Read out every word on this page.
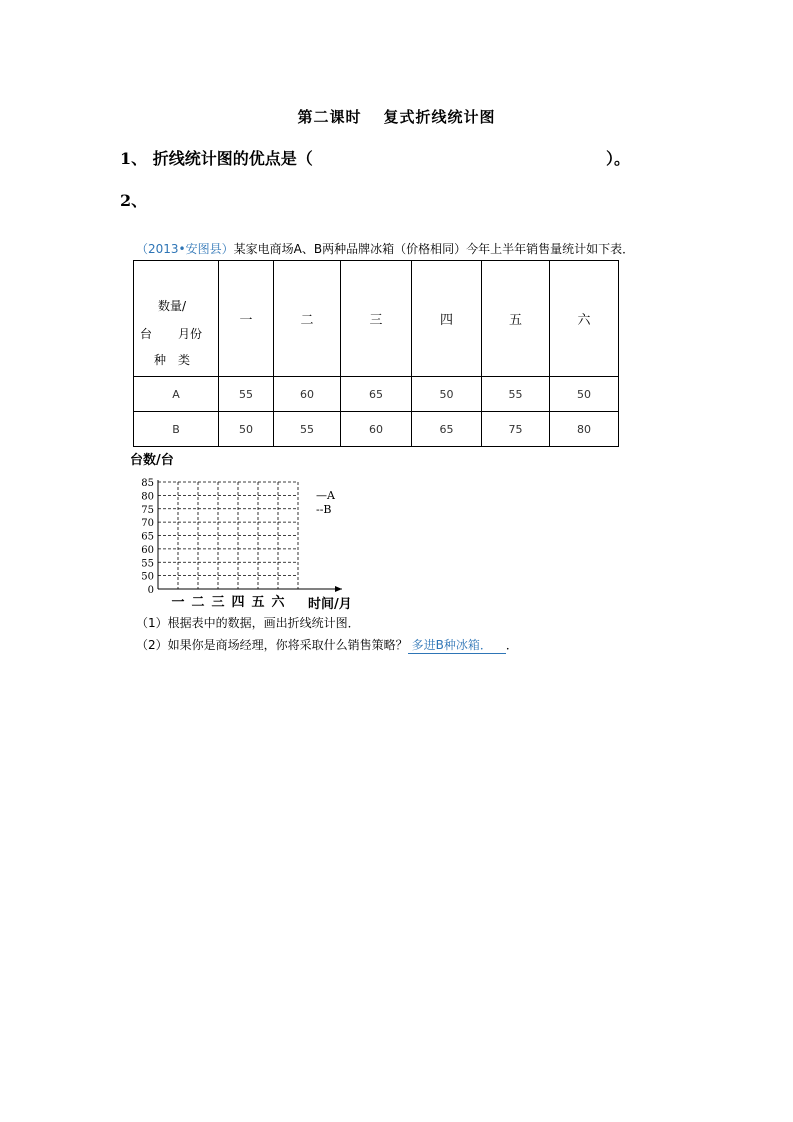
第二课时 复式折线统计图
1、 折线统计图的优点是（	）。
2、
（2013•安图县）某家电商场A、B两种品牌冰箱（价格相同）今年上半年销售量统计如下表．
数量/
台 月份
种　类	一	二	三	四	五	六
A	55	60	65	50	55	50
B	50	55	60	65	75	80
0
50
55
60
65
70
75
80
85
一 二 三 四 五 六
台数/台
时间/月
—A
--B
（1）根据表中的数据，画出折线统计图．
（2）如果你是商场经理，你将采取什么销售策略？ 多进B种冰箱． ．
